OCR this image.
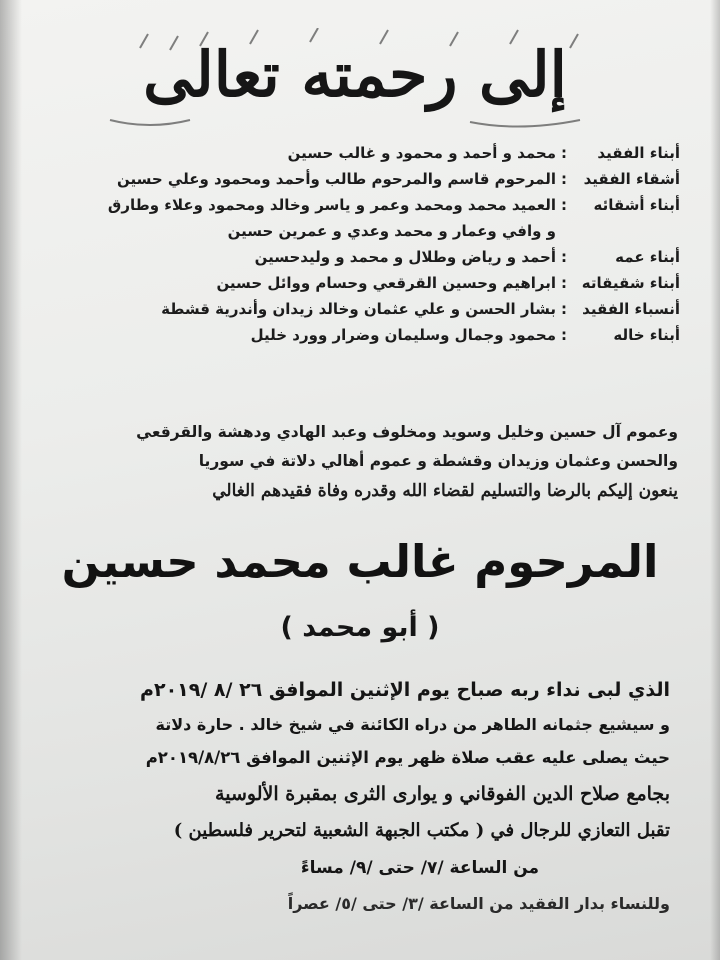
إلى رحمته تعالى
أبناء الفقيد
:
محمد و أحمد و محمود و غالب حسين
أشقاء الفقيد
:
المرحوم قاسم والمرحوم طالب وأحمد ومحمود وعلي حسين
أبناء أشقائه
:
العميد محمد ومحمد وعمر و ياسر وخالد ومحمود وعلاء وطارق
و وافي وعمار و محمد وعدي و عمرين حسين
أبناء عمه
:
أحمد و رياض وطلال و محمد و وليدحسين
أبناء شقيقاته
:
ابراهيم وحسين القرقعي وحسام ووائل حسين
أنسباء الفقيد
:
بشار الحسن و علي عثمان وخالد زيدان وأندرية قشطة
أبناء خاله
:
محمود وجمال وسليمان وضرار وورد خليل
وعموم آل حسين وخليل وسويد ومخلوف وعبد الهادي ودهشة والقرقعي
والحسن وعثمان وزيدان وقشطة و عموم أهالي دلاتة في سوريا
ينعون إليكم بالرضا والتسليم لقضاء الله وقدره وفاة فقيدهم الغالي
المرحوم غالب محمد حسين
( أبو محمد )
الذي لبى نداء ربه صباح يوم الإثنين الموافق ٢٦ /٨ /٢٠١٩م
و سيشيع جثمانه الطاهر من دراه الكائنة في شيخ خالد . حارة دلاتة
حيث يصلى عليه عقب صلاة ظهر يوم الإثنين الموافق ٢٠١٩/٨/٢٦م
بجامع صلاح الدين الفوقاني و يوارى الثرى بمقبرة الألوسية
تقبل التعازي للرجال في ( مكتب الجبهة الشعبية لتحرير فلسطين )
من الساعة /٧/ حتى /٩/ مساءً
وللنساء بدار الفقيد من الساعة /٣/ حتى /٥/ عصراً
